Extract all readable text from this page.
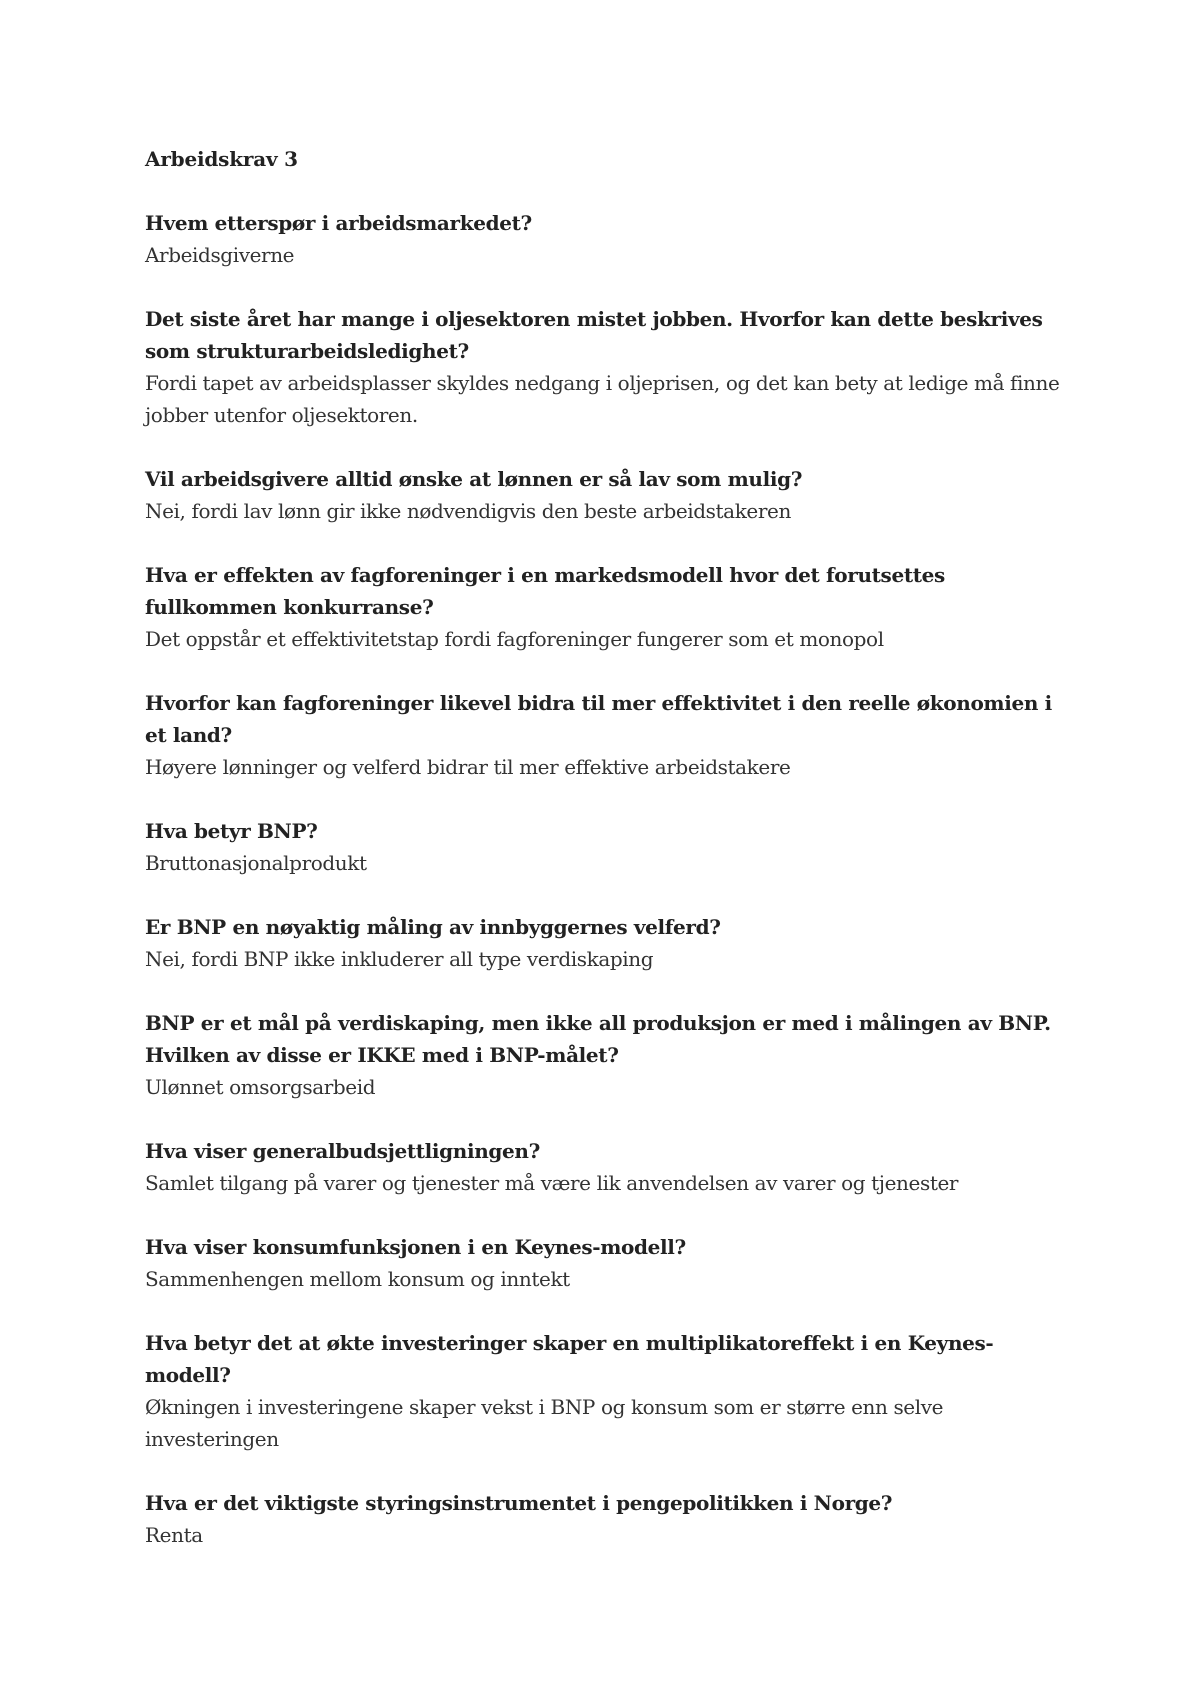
Arbeidskrav 3

Hvem etterspør i arbeidsmarkedet?

Arbeidsgiverne

Det siste året har mange i oljesektoren mistet jobben. Hvorfor kan dette beskrives som strukturarbeidsledighet?

Fordi tapet av arbeidsplasser skyldes nedgang i oljeprisen, og det kan bety at ledige må finne jobber utenfor oljesektoren.

Vil arbeidsgivere alltid ønske at lønnen er så lav som mulig?

Nei, fordi lav lønn gir ikke nødvendigvis den beste arbeidstakeren

Hva er effekten av fagforeninger i en markedsmodell hvor det forutsettes fullkommen konkurranse?

Det oppstår et effektivitetstap fordi fagforeninger fungerer som et monopol

Hvorfor kan fagforeninger likevel bidra til mer effektivitet i den reelle økonomien i et land?

Høyere lønninger og velferd bidrar til mer effektive arbeidstakere

Hva betyr BNP?

Bruttonasjonalprodukt

Er BNP en nøyaktig måling av innbyggernes velferd?

Nei, fordi BNP ikke inkluderer all type verdiskaping

BNP er et mål på verdiskaping, men ikke all produksjon er med i målingen av BNP. Hvilken av disse er IKKE med i BNP-målet?

Ulønnet omsorgsarbeid

Hva viser generalbudsjettligningen?

Samlet tilgang på varer og tjenester må være lik anvendelsen av varer og tjenester

Hva viser konsumfunksjonen i en Keynes-modell?

Sammenhengen mellom konsum og inntekt

Hva betyr det at økte investeringer skaper en multiplikatoreffekt i en Keynes-modell?

Økningen i investeringene skaper vekst i BNP og konsum som er større enn selve investeringen

Hva er det viktigste styringsinstrumentet i pengepolitikken i Norge?

Renta
